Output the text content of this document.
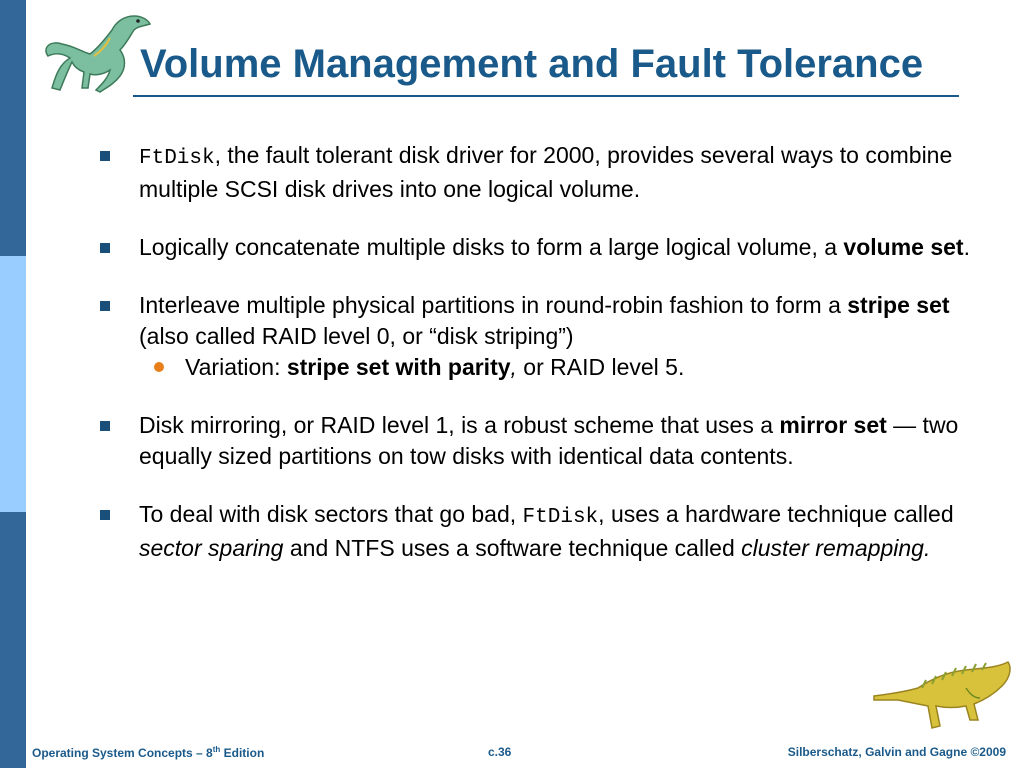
Volume Management and Fault Tolerance
FtDisk, the fault tolerant disk driver for 2000, provides several ways to combine multiple SCSI disk drives into one logical volume.
Logically concatenate multiple disks to form a large logical volume, a volume set.
Interleave multiple physical partitions in round-robin fashion to form a stripe set (also called RAID level 0, or “disk striping”)
Variation: stripe set with parity, or RAID level 5.
Disk mirroring, or RAID level 1, is a robust scheme that uses a mirror set — two equally sized partitions on tow disks with identical data contents.
To deal with disk sectors that go bad, FtDisk, uses a hardware technique called sector sparing and NTFS uses a software technique called cluster remapping.
Operating System Concepts – 8th Edition	c.36	Silberschatz, Galvin and Gagne ©2009
